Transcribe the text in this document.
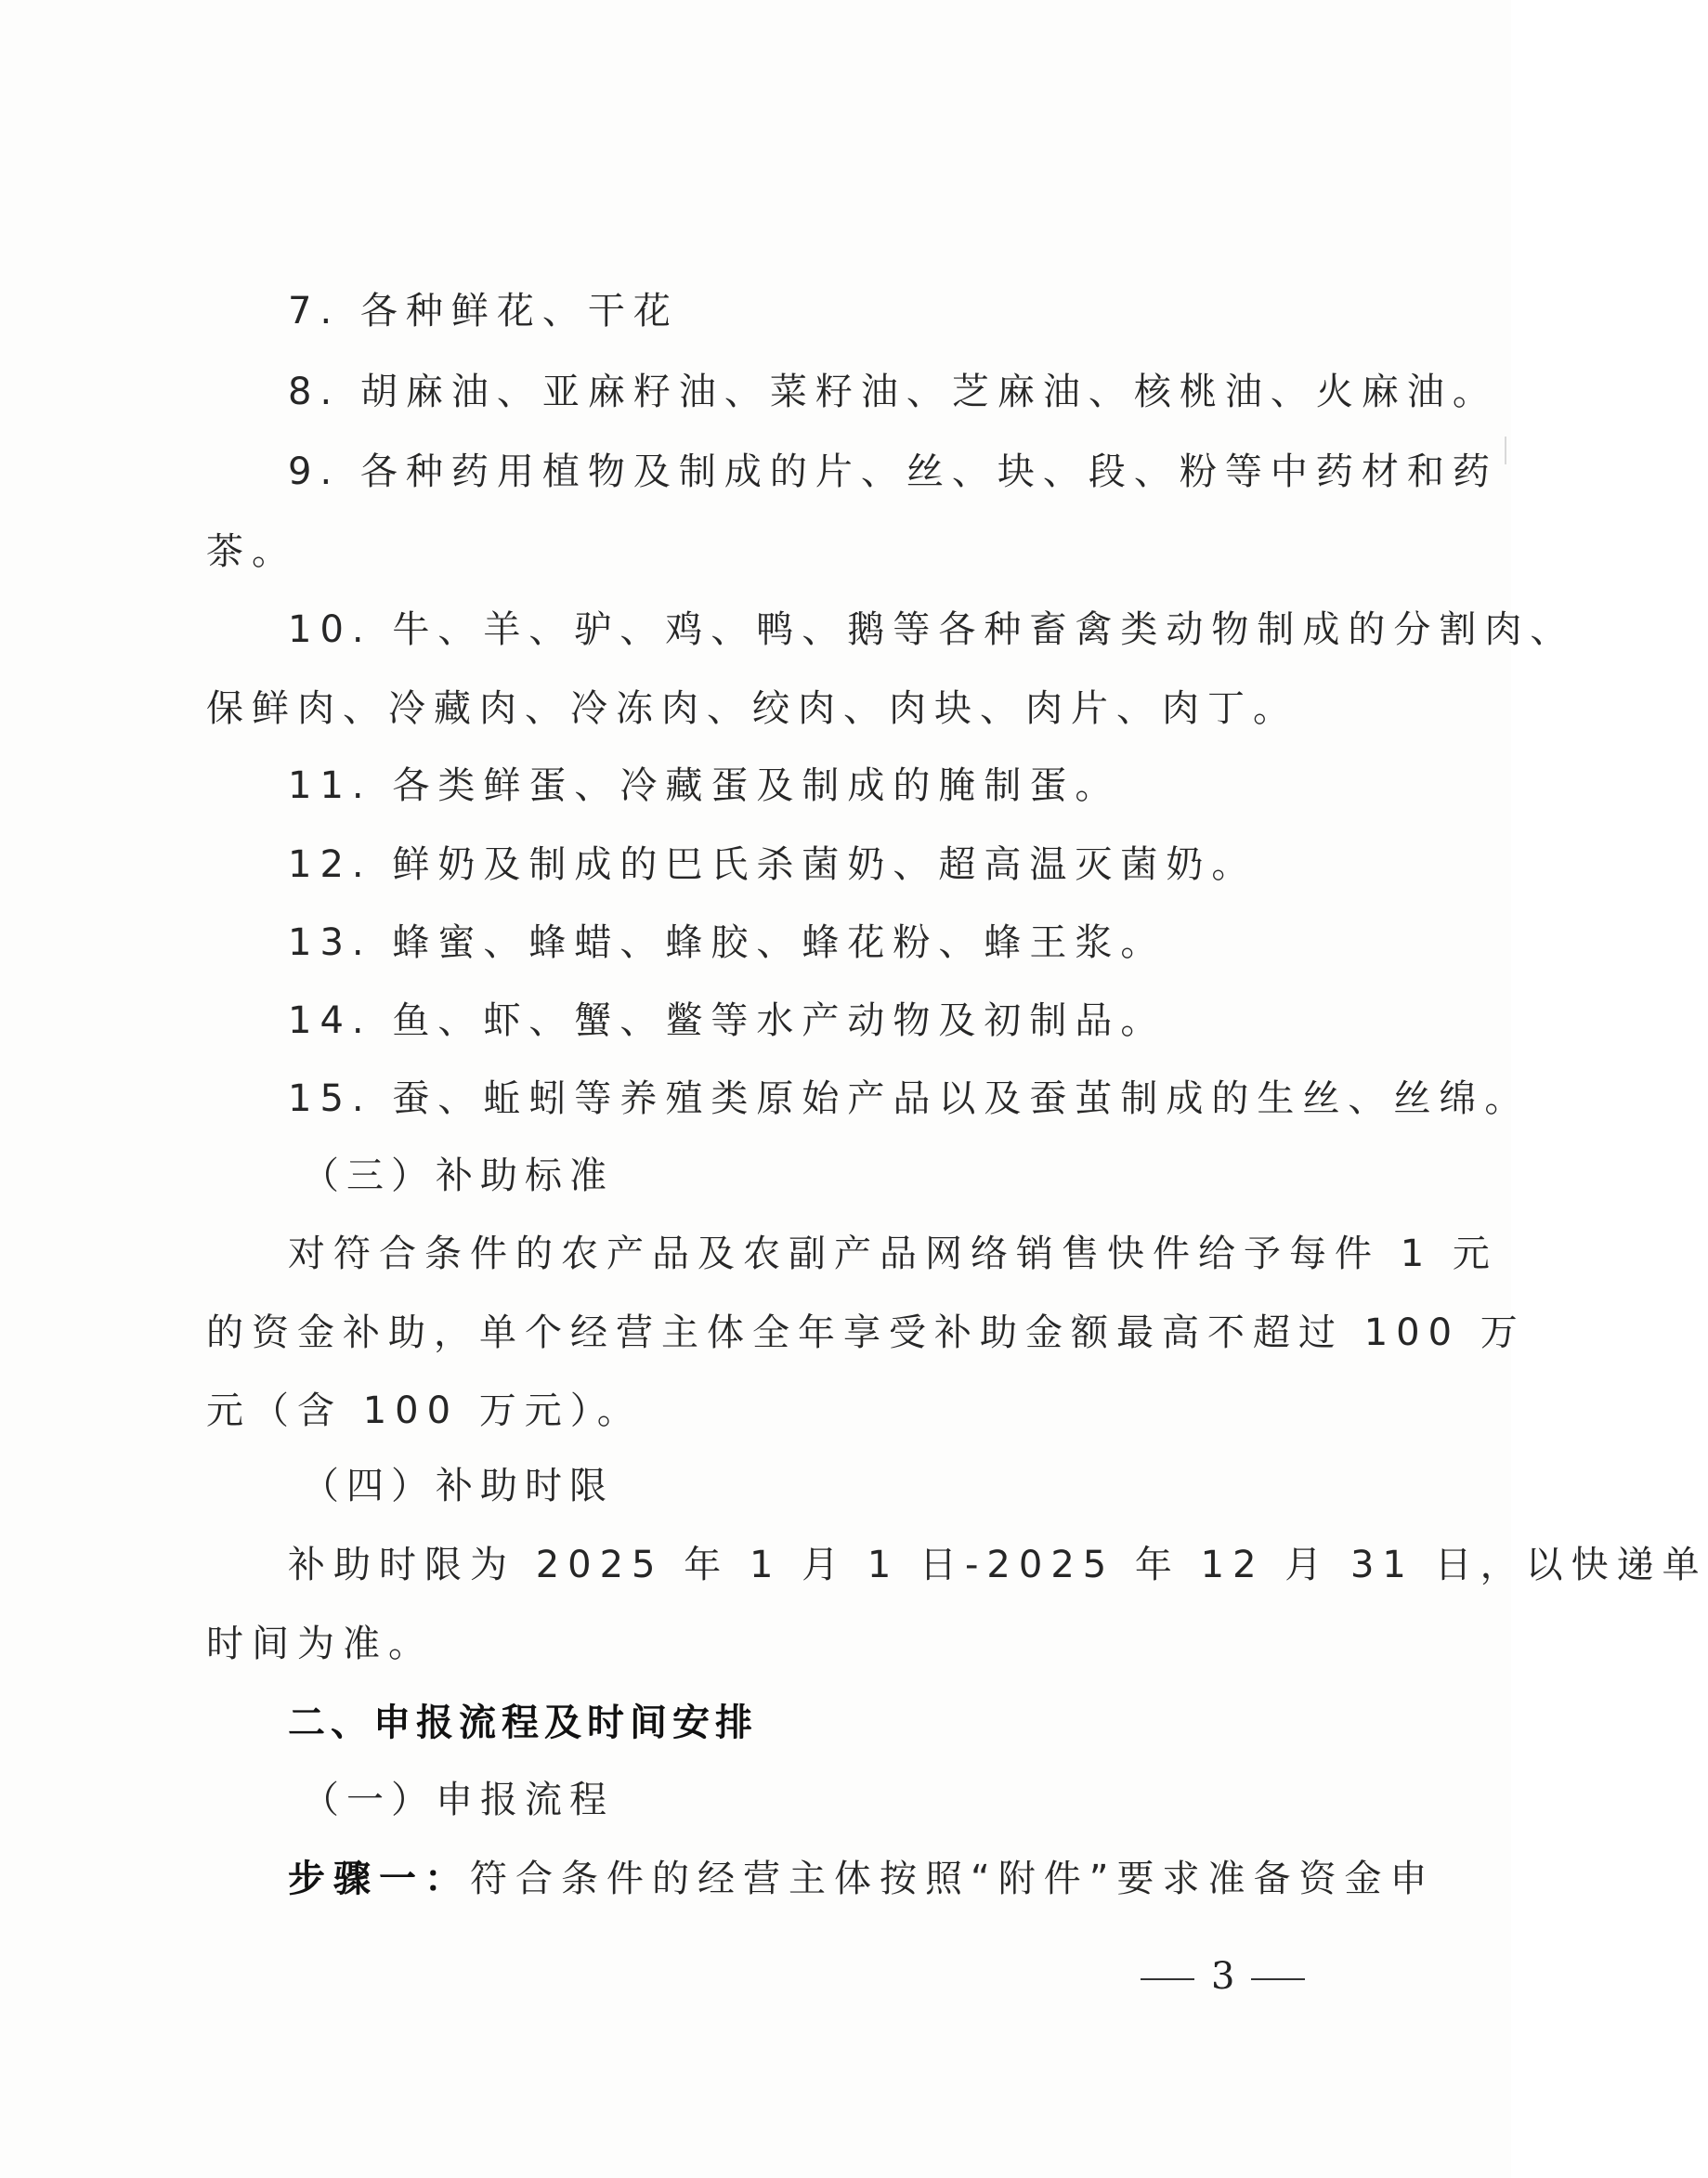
7. 各种鲜花、干花
8. 胡麻油、亚麻籽油、菜籽油、芝麻油、核桃油、火麻油。
9. 各种药用植物及制成的片、丝、块、段、粉等中药材和药
茶。
10. 牛、羊、驴、鸡、鸭、鹅等各种畜禽类动物制成的分割肉、
保鲜肉、冷藏肉、冷冻肉、绞肉、肉块、肉片、肉丁。
11. 各类鲜蛋、冷藏蛋及制成的腌制蛋。
12. 鲜奶及制成的巴氏杀菌奶、超高温灭菌奶。
13. 蜂蜜、蜂蜡、蜂胶、蜂花粉、蜂王浆。
14. 鱼、虾、蟹、鳖等水产动物及初制品。
15. 蚕、蚯蚓等养殖类原始产品以及蚕茧制成的生丝、丝绵。
（三）补助标准
对符合条件的农产品及农副产品网络销售快件给予每件 1 元
的资金补助，单个经营主体全年享受补助金额最高不超过 100 万
元（含 100 万元）。
（四）补助时限
补助时限为 2025 年 1 月 1 日-2025 年 12 月 31 日，以快递单
时间为准。
二、申报流程及时间安排
（一）申报流程
步骤一：符合条件的经营主体按照“附件”要求准备资金申
3
